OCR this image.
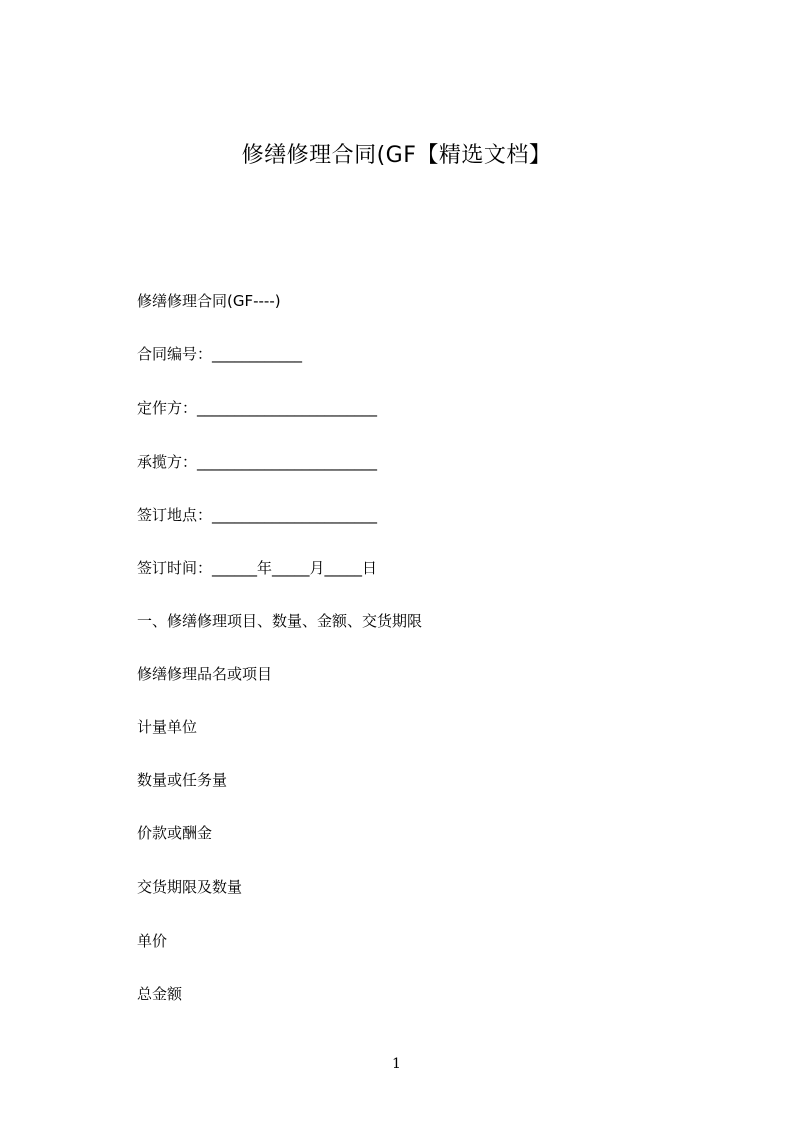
修缮修理合同(GF【精选文档】
修缮修理合同(GF----)
合同编号：____________
定作方：________________________
承揽方：________________________
签订地点：______________________
签订时间：______年_____月_____日
一、修缮修理项目、数量、金额、交货期限
修缮修理品名或项目
计量单位
数量或任务量
价款或酬金
交货期限及数量
单价
总金额
1
